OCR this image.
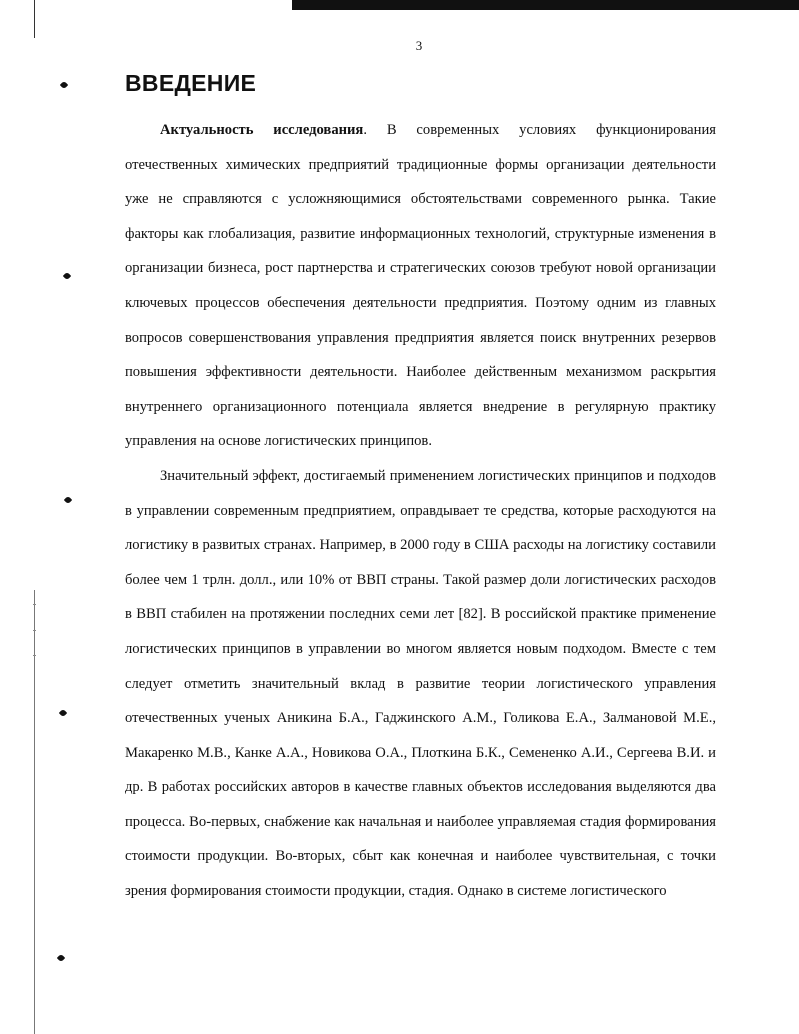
3
ВВЕДЕНИЕ

Актуальность исследования. В современных условиях функционирования отечественных химических предприятий традиционные формы организации деятельности уже не справляются с усложняющимися обстоятельствами современного рынка. Такие факторы как глобализация, развитие информационных технологий, структурные изменения в организации бизнеса, рост партнерства и стратегических союзов требуют новой организации ключевых процессов обеспечения деятельности предприятия. Поэтому одним из главных вопросов совершенствования управления предприятия является поиск внутренних резервов повышения эффективности деятельности. Наиболее действенным механизмом раскрытия внутреннего организационного потенциала является внедрение в регулярную практику управления на основе логистических принципов.

Значительный эффект, достигаемый применением логистических принципов и подходов в управлении современным предприятием, оправдывает те средства, которые расходуются на логистику в развитых странах. Например, в 2000 году в США расходы на логистику составили более чем 1 трлн. долл., или 10% от ВВП страны. Такой размер доли логистических расходов в ВВП стабилен на протяжении последних семи лет [82]. В российской практике применение логистических принципов в управлении во многом является новым подходом. Вместе с тем следует отметить значительный вклад в развитие теории логистического управления отечественных ученых Аникина Б.А., Гаджинского А.М., Голикова Е.А., Залмановой М.Е., Макаренко М.В., Канке А.А., Новикова О.А., Плоткина Б.К., Семененко А.И., Сергеева В.И. и др. В работах российских авторов в качестве главных объектов исследования выделяются два процесса. Во-первых, снабжение как начальная и наиболее управляемая стадия формирования стоимости продукции. Во-вторых, сбыт как конечная и наиболее чувствительная, с точки зрения формирования стоимости продукции, стадия. Однако в системе логистического
